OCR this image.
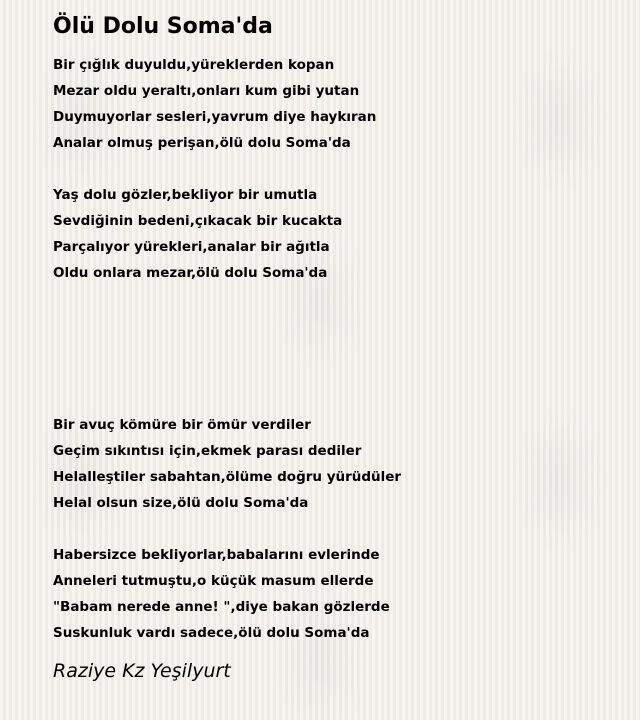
Ölü Dolu Soma'da
Bir çığlık duyuldu,yüreklerden kopan
Mezar oldu yeraltı,onları kum gibi yutan
Duymuyorlar sesleri,yavrum diye haykıran
Analar olmuş perişan,ölü dolu Soma'da
Yaş dolu gözler,bekliyor bir umutla
Sevdiğinin bedeni,çıkacak bir kucakta
Parçalıyor yürekleri,analar bir ağıtla
Oldu onlara mezar,ölü dolu Soma'da
Bir avuç kömüre bir ömür verdiler
Geçim sıkıntısı için,ekmek parası dediler
Helalleştiler sabahtan,ölüme doğru yürüdüler
Helal olsun size,ölü dolu Soma'da
Habersizce bekliyorlar,babalarını evlerinde
Anneleri tutmuştu,o küçük masum ellerde
"Babam nerede anne! ",diye bakan gözlerde
Suskunluk vardı sadece,ölü dolu Soma'da
Raziye Kz Yeşilyurt
